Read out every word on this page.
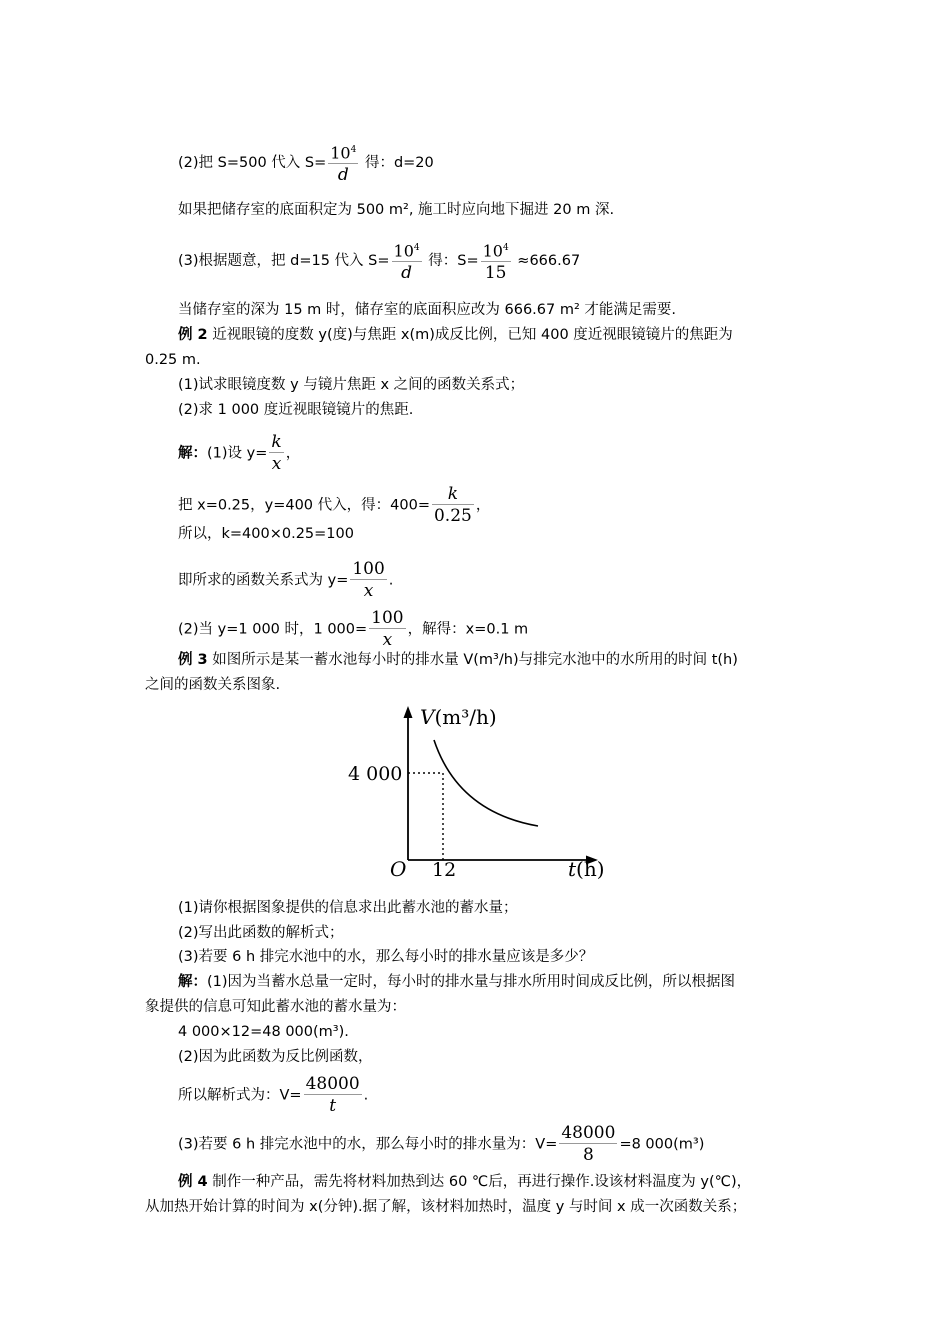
(2)把 S=500 代入 $S= \frac{10^4}{d}$ 得：d=20
如果把储存室的底面积定为 500 m², 施工时应向地下掘进 20 m 深.
(3)根据题意，把 d=15 代入 $S= \frac{10^4}{d}$ 得：$S= \frac{10^4}{15} \approx 666.67$
当储存室的深为 15 m 时，储存室的底面积应改为 666.67 m² 才能满足需要.
例 2 近视眼镜的度数 y(度)与焦距 x(m)成反比例，已知 400 度近视眼镜镜片的焦距为
0.25 m.
(1)试求眼镜度数 y 与镜片焦距 x 之间的函数关系式；
(2)求 1 000 度近视眼镜镜片的焦距.
解：(1)设 $y= \frac{k}{x}$ ，
把 x=0.25，y=400 代入，得：$400= \frac{k}{0.25}$ ，
所以，k=400×0.25=100
即所求的函数关系式为 $y= \frac{100}{x}$ .
(2)当 y=1 000 时，1 $000= \frac{100}{x}$ ，解得：x=0.1 m
例 3 如图所示是某一蓄水池每小时的排水量 V(m³/h)与排完水池中的水所用的时间 t(h)
之间的函数关系图象.
V(m³/h)
4 000
O 12	t(h)
(1)请你根据图象提供的信息求出此蓄水池的蓄水量；
(2)写出此函数的解析式；
(3)若要 6 h 排完水池中的水，那么每小时的排水量应该是多少？
解：(1)因为当蓄水总量一定时，每小时的排水量与排水所用时间成反比例，所以根据图
象提供的信息可知此蓄水池的蓄水量为：
4 000×12=48 000(m³).
(2)因为此函数为反比例函数，
所以解析式为：$V= \frac{48000}{t}$ .
(3)若要 6 h 排完水池中的水，那么每小时的排水量为：$V= \frac{48000}{8} =8$ 000(m³)
例 4 制作一种产品，需先将材料加热到达 60 ℃后，再进行操作.设该材料温度为 y(℃)，
从加热开始计算的时间为 x(分钟).据了解，该材料加热时，温度 y 与时间 x 成一次函数关系；
